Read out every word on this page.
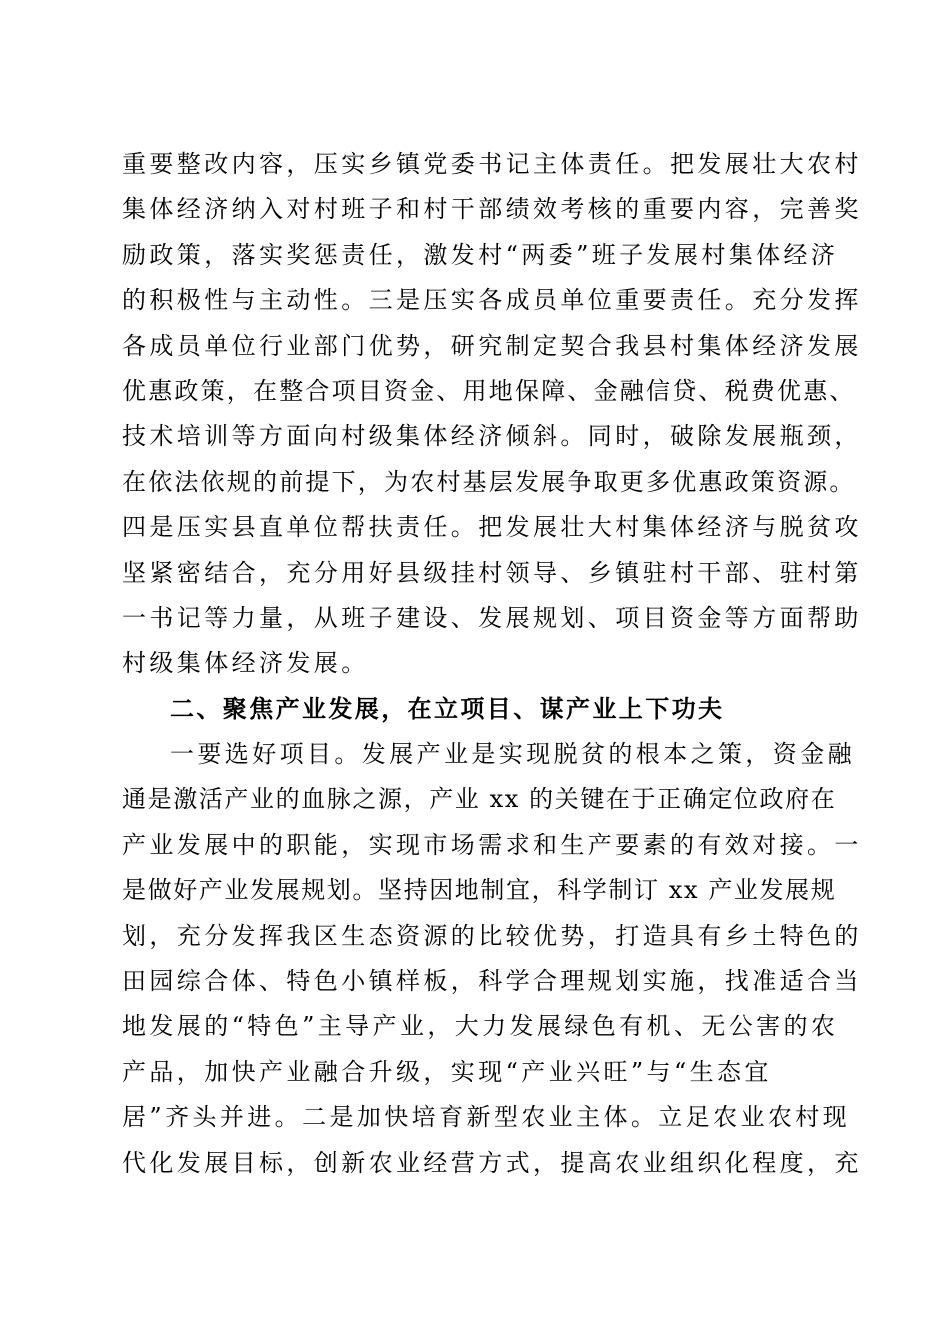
重要整改内容，压实乡镇党委书记主体责任。把发展壮大农村
集体经济纳入对村班子和村干部绩效考核的重要内容，完善奖
励政策，落实奖惩责任，激发村“两委”班子发展村集体经济
的积极性与主动性。三是压实各成员单位重要责任。充分发挥
各成员单位行业部门优势，研究制定契合我县村集体经济发展
优惠政策，在整合项目资金、用地保障、金融信贷、税费优惠、
技术培训等方面向村级集体经济倾斜。同时，破除发展瓶颈，
在依法依规的前提下，为农村基层发展争取更多优惠政策资源。
四是压实县直单位帮扶责任。把发展壮大村集体经济与脱贫攻
坚紧密结合，充分用好县级挂村领导、乡镇驻村干部、驻村第
一书记等力量，从班子建设、发展规划、项目资金等方面帮助
村级集体经济发展。
二、聚焦产业发展，在立项目、谋产业上下功夫
一要选好项目。发展产业是实现脱贫的根本之策，资金融
通是激活产业的血脉之源，产业 xx 的关键在于正确定位政府在
产业发展中的职能，实现市场需求和生产要素的有效对接。一
是做好产业发展规划。坚持因地制宜，科学制订 xx 产业发展规
划，充分发挥我区生态资源的比较优势，打造具有乡土特色的
田园综合体、特色小镇样板，科学合理规划实施，找准适合当
地发展的“特色”主导产业，大力发展绿色有机、无公害的农
产品，加快产业融合升级，实现“产业兴旺”与“生态宜
居”齐头并进。二是加快培育新型农业主体。立足农业农村现
代化发展目标，创新农业经营方式，提高农业组织化程度，充
